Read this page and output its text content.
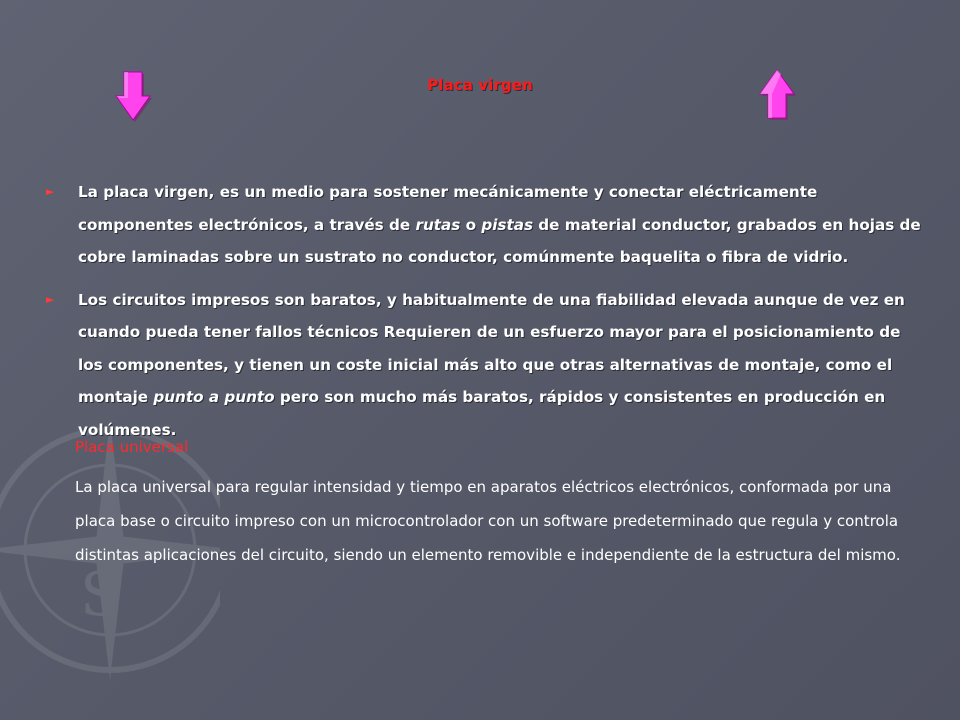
S
Placa virgen
►	La placa virgen, es un medio para sostener mecánicamente y conectar eléctricamente componentes electrónicos, a través de rutas o pistas de material conductor, grabados en hojas de cobre laminadas sobre un sustrato no conductor, comúnmente baquelita o fibra de vidrio.
►	Los circuitos impresos son baratos, y habitualmente de una fiabilidad elevada aunque de vez en cuando pueda tener fallos técnicos Requieren de un esfuerzo mayor para el posicionamiento de los componentes, y tienen un coste inicial más alto que otras alternativas de montaje, como el montaje punto a punto pero son mucho más baratos, rápidos y consistentes en producción en volúmenes.
Placa universal
La placa universal para regular intensidad y tiempo en aparatos eléctricos electrónicos, conformada por una placa base o circuito impreso con un microcontrolador con un software predeterminado que regula y controla distintas aplicaciones del circuito, siendo un elemento removible e independiente de la estructura del mismo.
